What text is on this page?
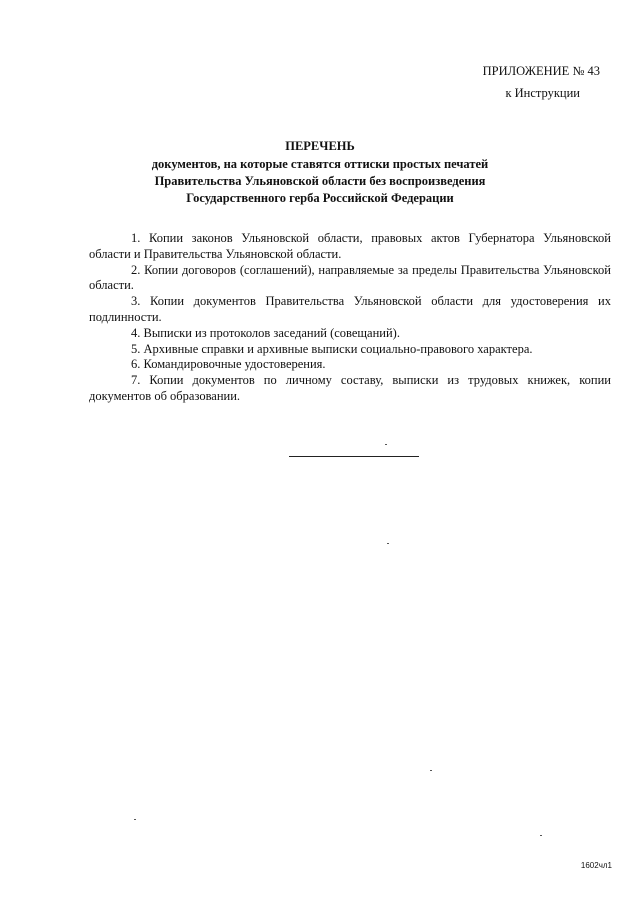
ПРИЛОЖЕНИЕ № 43
к Инструкции
ПЕРЕЧЕНЬ
документов, на которые ставятся оттиски простых печатей
Правительства Ульяновской области без воспроизведения
Государственного герба Российской Федерации

1. Копии законов Ульяновской области, правовых актов Губернатора Ульяновской области и Правительства Ульяновской области.

2. Копии договоров (соглашений), направляемые за пределы Правительства Ульяновской области.

3. Копии документов Правительства Ульяновской области для удостоверения их подлинности.

4. Выписки из протоколов заседаний (совещаний).

5. Архивные справки и архивные выписки социально-правового характера.

6. Командировочные удостоверения.

7. Копии документов по личному составу, выписки из трудовых книжек, копии документов об образовании.

1602чл1
